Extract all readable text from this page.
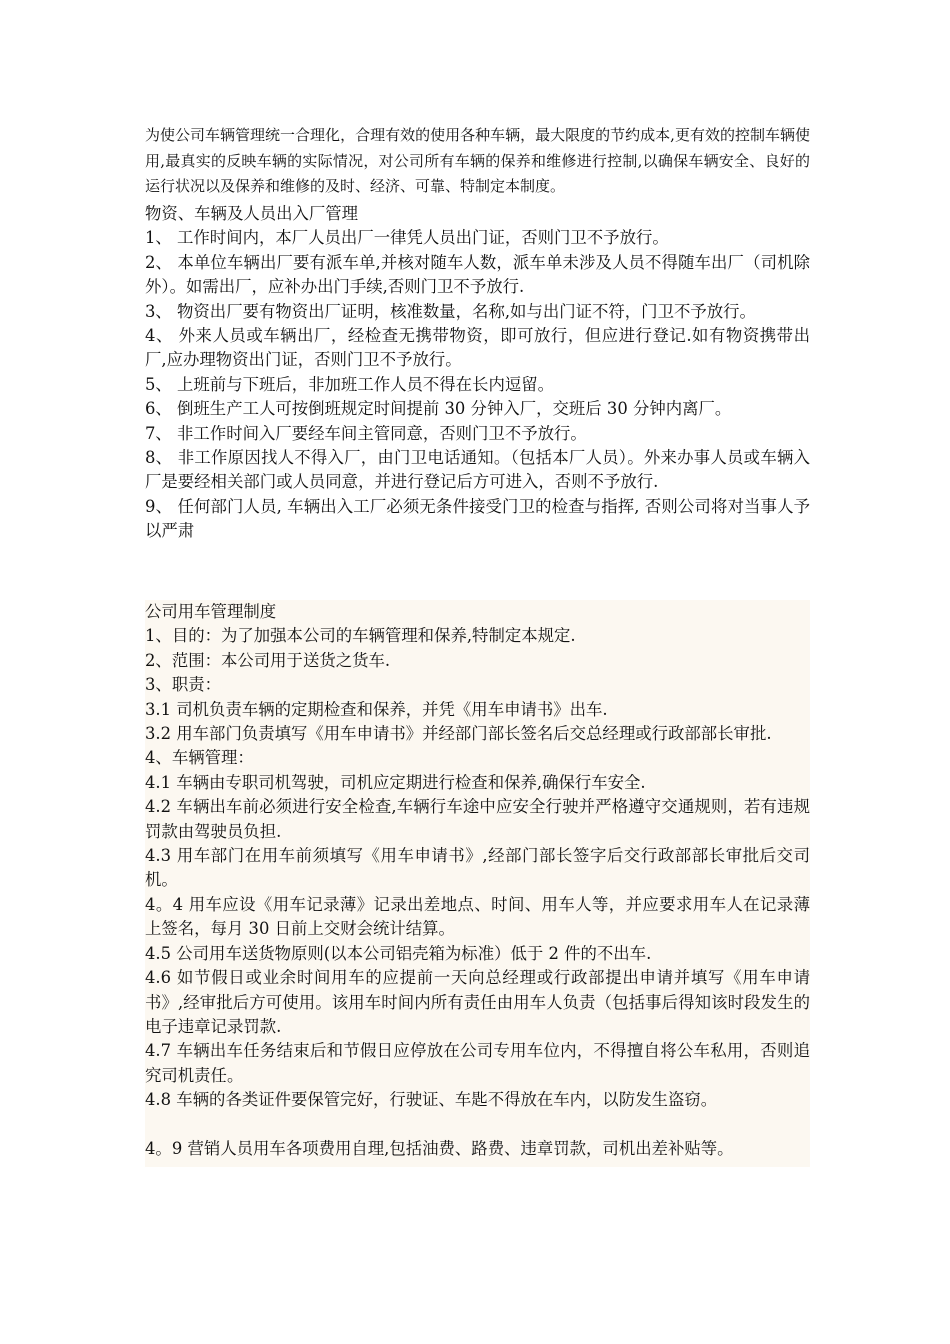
为使公司车辆管理统一合理化，合理有效的使用各种车辆，最大限度的节约成本,更有效的控制车辆使用,最真实的反映车辆的实际情况，对公司所有车辆的保养和维修进行控制,以确保车辆安全、良好的运行状况以及保养和维修的及时、经济、可靠、特制定本制度。

物资、车辆及人员出入厂管理

1、 工作时间内，本厂人员出厂一律凭人员出门证，否则门卫不予放行。

2、 本单位车辆出厂要有派车单,并核对随车人数，派车单未涉及人员不得随车出厂（司机除外）。如需出厂，应补办出门手续,否则门卫不予放行.

3、 物资出厂要有物资出厂证明，核准数量，名称,如与出门证不符，门卫不予放行。

4、 外来人员或车辆出厂，经检查无携带物资，即可放行，但应进行登记.如有物资携带出厂,应办理物资出门证，否则门卫不予放行。

5、 上班前与下班后，非加班工作人员不得在长内逗留。

6、 倒班生产工人可按倒班规定时间提前 30 分钟入厂，交班后 30 分钟内离厂。

7、 非工作时间入厂要经车间主管同意，否则门卫不予放行。

8、 非工作原因找人不得入厂，由门卫电话通知。（包括本厂人员）。外来办事人员或车辆入厂是要经相关部门或人员同意，并进行登记后方可进入，否则不予放行.

9、 任何部门人员, 车辆出入工厂必须无条件接受门卫的检查与指挥, 否则公司将对当事人予以严肃

公司用车管理制度

1、目的：为了加强本公司的车辆管理和保养,特制定本规定.

2、范围：本公司用于送货之货车.

3、职责：

3.1 司机负责车辆的定期检查和保养，并凭《用车申请书》出车.

3.2 用车部门负责填写《用车申请书》并经部门部长签名后交总经理或行政部部长审批.

4、车辆管理：

4.1 车辆由专职司机驾驶，司机应定期进行检查和保养,确保行车安全.

4.2 车辆出车前必须进行安全检查,车辆行车途中应安全行驶并严格遵守交通规则，若有违规罚款由驾驶员负担.

4.3 用车部门在用车前须填写《用车申请书》,经部门部长签字后交行政部部长审批后交司机。

4。4 用车应设《用车记录薄》记录出差地点、时间、用车人等，并应要求用车人在记录薄上签名，每月 30 日前上交财会统计结算。

4.5 公司用车送货物原则(以本公司铝壳箱为标准）低于 2 件的不出车.

4.6 如节假日或业余时间用车的应提前一天向总经理或行政部提出申请并填写《用车申请书》,经审批后方可使用。该用车时间内所有责任由用车人负责（包括事后得知该时段发生的电子违章记录罚款.

4.7 车辆出车任务结束后和节假日应停放在公司专用车位内，不得擅自将公车私用，否则追究司机责任。

4.8 车辆的各类证件要保管完好，行驶证、车匙不得放在车内，以防发生盗窃。

4。9 营销人员用车各项费用自理,包括油费、路费、违章罚款，司机出差补贴等。
